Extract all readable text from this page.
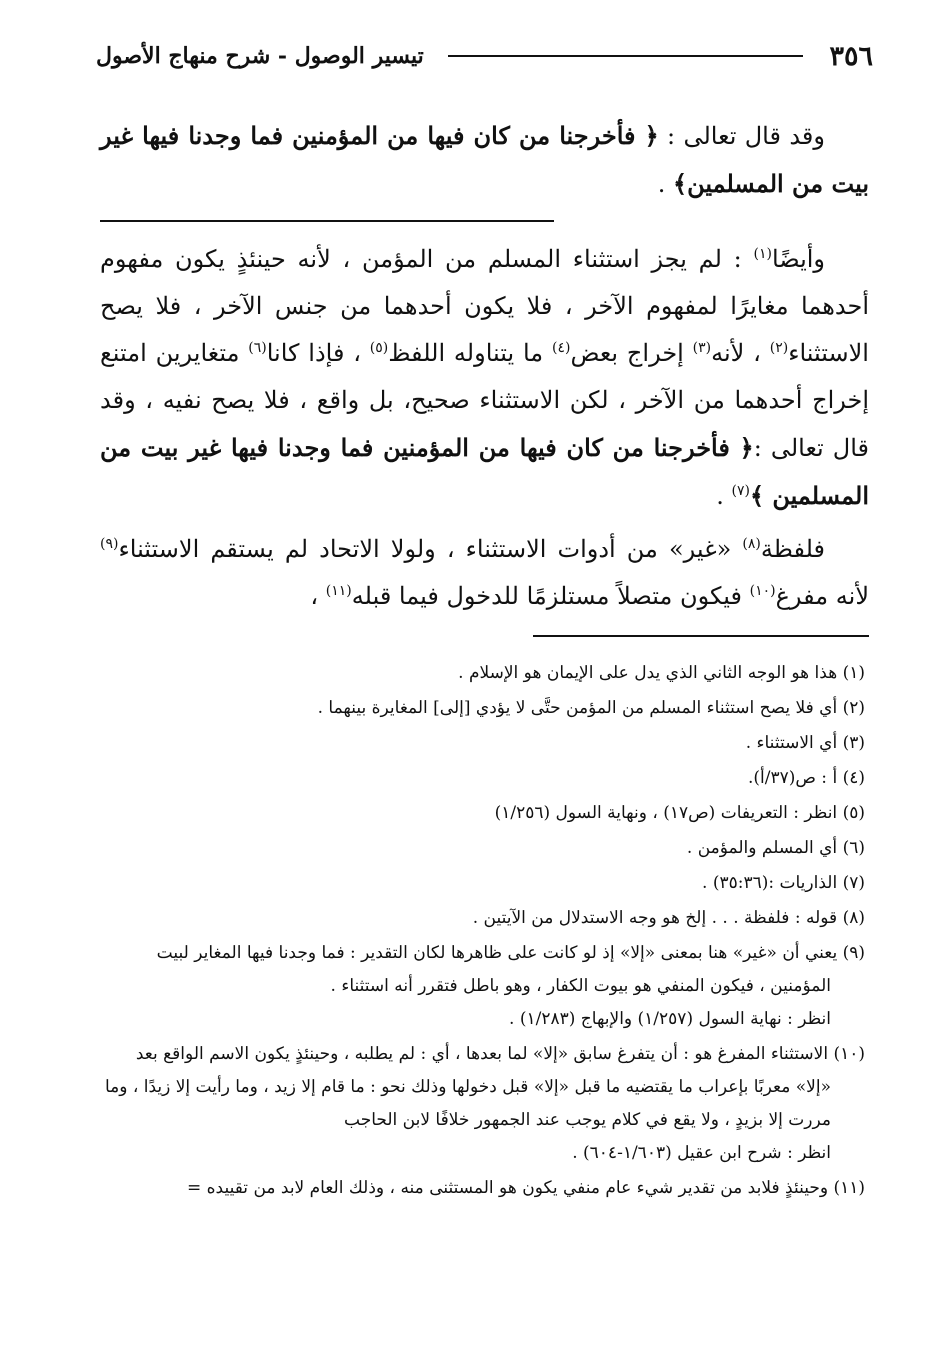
٣٥٦
تيسير الوصول - شرح منهاج الأصول

وقد قال تعالى : ﴿ فأخرجنا من كان فيها من المؤمنين فما وجدنا فيها غير بيت من المسلمين﴾ .

وأيضًا$^{(١)}$ : لم يجز استثناء المسلم من المؤمن ، لأنه حينئذٍ يكون مفهوم أحدهما مغايرًا لمفهوم الآخر ، فلا يكون أحدهما من جنس الآخر ، فلا يصح الاستثناء$^{(٢)}$ ، لأنه$^{(٣)}$ إخراج بعض$^{(٤)}$ ما يتناوله اللفظ$^{(٥)}$ ، فإذا كانا$^{(٦)}$ متغايرين امتنع إخراج أحدهما من الآخر ، لكن الاستثناء صحيح، بل واقع ، فلا يصح نفيه ، وقد قال تعالى :﴿ فأخرجنا من كان فيها من المؤمنين فما وجدنا فيها غير بيت من المسلمين ﴾$^{(٧)}$ .

فلفظة$^{(٨)}$ «غير» من أدوات الاستثناء ، ولولا الاتحاد لم يستقم الاستثناء$^{(٩)}$ لأنه مفرغ$^{(١٠)}$ فيكون متصلاً مستلزمًا للدخول فيما قبله$^{(١١)}$ ،

(١) هذا هو الوجه الثاني الذي يدل على الإيمان هو الإسلام .
(٢) أي فلا يصح استثناء المسلم من المؤمن حتَّى لا يؤدي [إلى] المغايرة بينهما .
(٣) أي الاستثناء .
(٤) أ : ص(٣٧/أ).
(٥) انظر : التعريفات (ص١٧) ، ونهاية السول (١/٢٥٦)
(٦) أي المسلم والمؤمن .
(٧) الذاريات :(٣٥:٣٦) .
(٨) قوله : فلفظة . . . إلخ هو وجه الاستدلال من الآيتين .
(٩) يعني أن «غير» هنا بمعنى «إلا» إذ لو كانت على ظاهرها لكان التقدير : فما وجدنا فيها المغاير لبيت المؤمنين ، فيكون المنفي هو بيوت الكفار ، وهو باطل فتقرر أنه استثناء .
انظر : نهاية السول (١/٢٥٧) والإبهاج (١/٢٨٣) .
(١٠) الاستثناء المفرغ هو : أن يتفرغ سابق «إلا» لما بعدها ، أي : لم يطلبه ، وحينئذٍ يكون الاسم الواقع بعد «إلا» معربًا بإعراب ما يقتضيه ما قبل «إلا» قبل دخولها وذلك نحو : ما قام إلا زيد ، وما رأيت إلا زيدًا ، وما مررت إلا بزيدٍ ، ولا يقع في كلام يوجب عند الجمهور خلافًا لابن الحاجب
انظر : شرح ابن عقيل (١/٦٠٣-٦٠٤) .
(١١) وحينئذٍ فلابد من تقدير شيء عام منفي يكون هو المستثنى منه ، وذلك العام لابد من تقييده =
